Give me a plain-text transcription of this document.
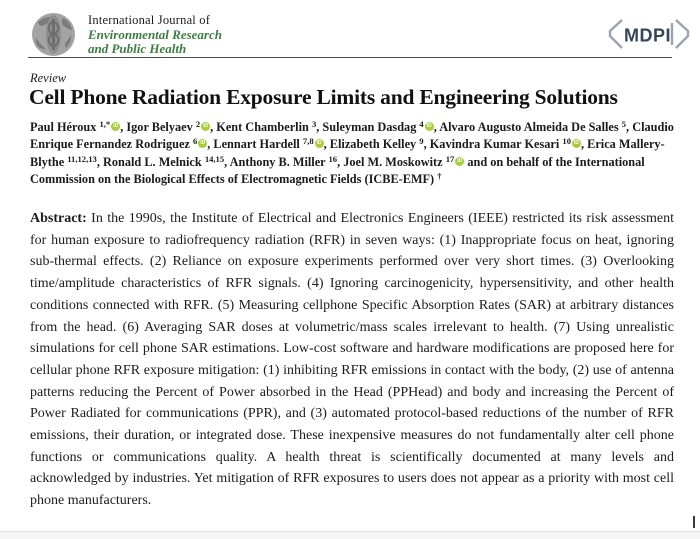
International Journal of
Environmental Research
and Public Health
MDPI
Review
Cell Phone Radiation Exposure Limits and Engineering Solutions
Paul Héroux $^{1,*}$ iD , Igor Belyaev $^2$ iD , Kent Chamberlin $^3$, Suleyman Dasdag $^4$ iD , Alvaro Augusto Almeida De Salles $^5$, Claudio Enrique Fernandez Rodriguez $^6$ iD , Lennart Hardell $^{7,8}$ iD , Elizabeth Kelley $^9$, Kavindra Kumar Kesari $^{10}$ iD , Erica Mallery-Blythe $^{11,12,13}$, Ronald L. Melnick $^{14,15}$, Anthony B. Miller $^{16}$, Joel M. Moskowitz $^{17}$ iD and on behalf of the International Commission on the Biological Effects of Electromagnetic Fields (ICBE-EMF) †

Abstract: In the 1990s, the Institute of Electrical and Electronics Engineers (IEEE) restricted its risk assessment for human exposure to radiofrequency radiation (RFR) in seven ways: (1) Inappropriate focus on heat, ignoring sub-thermal effects. (2) Reliance on exposure experiments performed over very short times. (3) Overlooking time/amplitude characteristics of RFR signals. (4) Ignoring carcinogenicity, hypersensitivity, and other health conditions connected with RFR. (5) Measuring cellphone Specific Absorption Rates (SAR) at arbitrary distances from the head. (6) Averaging SAR doses at volumetric/mass scales irrelevant to health. (7) Using unrealistic simulations for cell phone SAR estimations. Low-cost software and hardware modifications are proposed here for cellular phone RFR exposure mitigation: (1) inhibiting RFR emissions in contact with the body, (2) use of antenna patterns reducing the Percent of Power absorbed in the Head (PPHead) and body and increasing the Percent of Power Radiated for communications (PPR), and (3) automated protocol-based reductions of the number of RFR emissions, their duration, or integrated dose. These inexpensive measures do not fundamentally alter cell phone functions or communications quality. A health threat is scientifically documented at many levels and acknowledged by industries. Yet mitigation of RFR exposures to users does not appear as a priority with most cell phone manufacturers.
